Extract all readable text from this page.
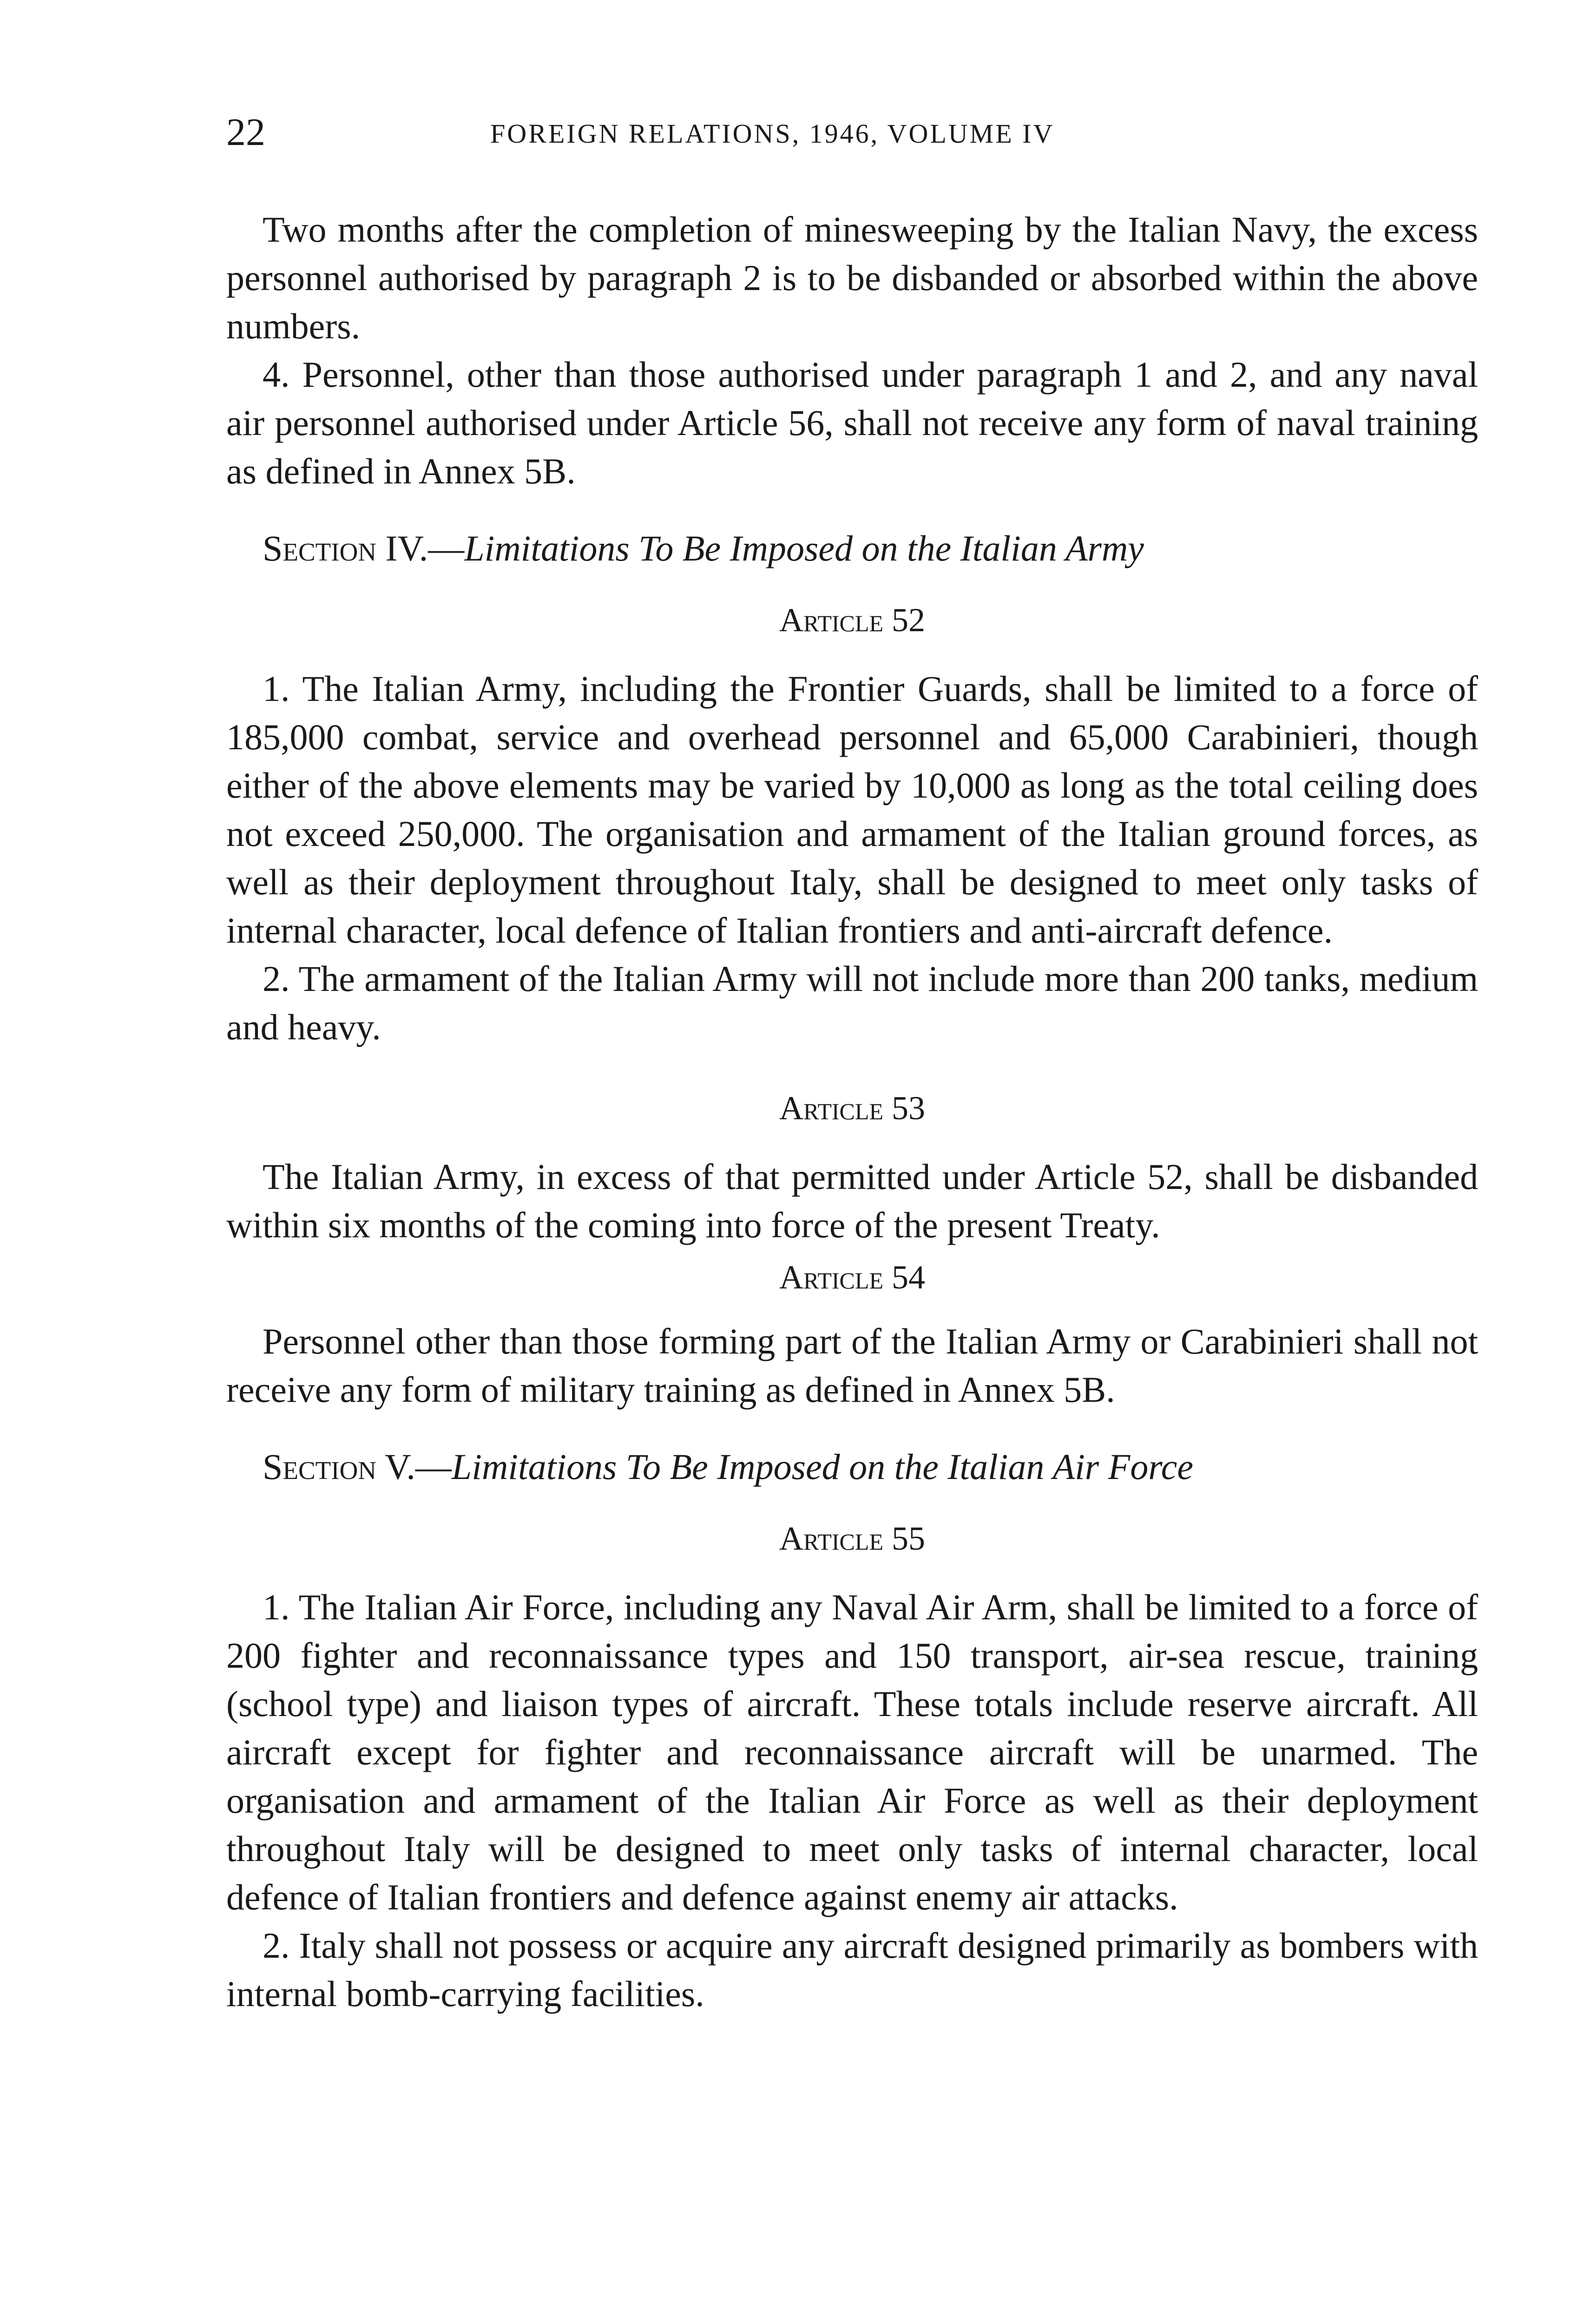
22	FOREIGN RELATIONS, 1946, VOLUME IV

Two months after the completion of minesweeping by the Italian Navy, the excess personnel authorised by paragraph 2 is to be disbanded or absorbed within the above numbers.

4. Personnel, other than those authorised under paragraph 1 and 2, and any naval air personnel authorised under Article 56, shall not receive any form of naval training as defined in Annex 5B.

Section IV.—Limitations To Be Imposed on the Italian Army
Article 52

1. The Italian Army, including the Frontier Guards, shall be limited to a force of 185,000 combat, service and overhead personnel and 65,000 Carabinieri, though either of the above elements may be varied by 10,000 as long as the total ceiling does not exceed 250,000. The organisation and armament of the Italian ground forces, as well as their deployment throughout Italy, shall be designed to meet only tasks of internal character, local defence of Italian frontiers and anti-aircraft defence.

2. The armament of the Italian Army will not include more than 200 tanks, medium and heavy.

Article 53

The Italian Army, in excess of that permitted under Article 52, shall be disbanded within six months of the coming into force of the present Treaty.

Article 54

Personnel other than those forming part of the Italian Army or Carabinieri shall not receive any form of military training as defined in Annex 5B.

Section V.—Limitations To Be Imposed on the Italian Air Force
Article 55

1. The Italian Air Force, including any Naval Air Arm, shall be limited to a force of 200 fighter and reconnaissance types and 150 transport, air-sea rescue, training (school type) and liaison types of aircraft. These totals include reserve aircraft. All aircraft except for fighter and reconnaissance aircraft will be unarmed. The organisation and armament of the Italian Air Force as well as their deployment throughout Italy will be designed to meet only tasks of internal character, local defence of Italian frontiers and defence against enemy air attacks.

2. Italy shall not possess or acquire any aircraft designed primarily as bombers with internal bomb-carrying facilities.
